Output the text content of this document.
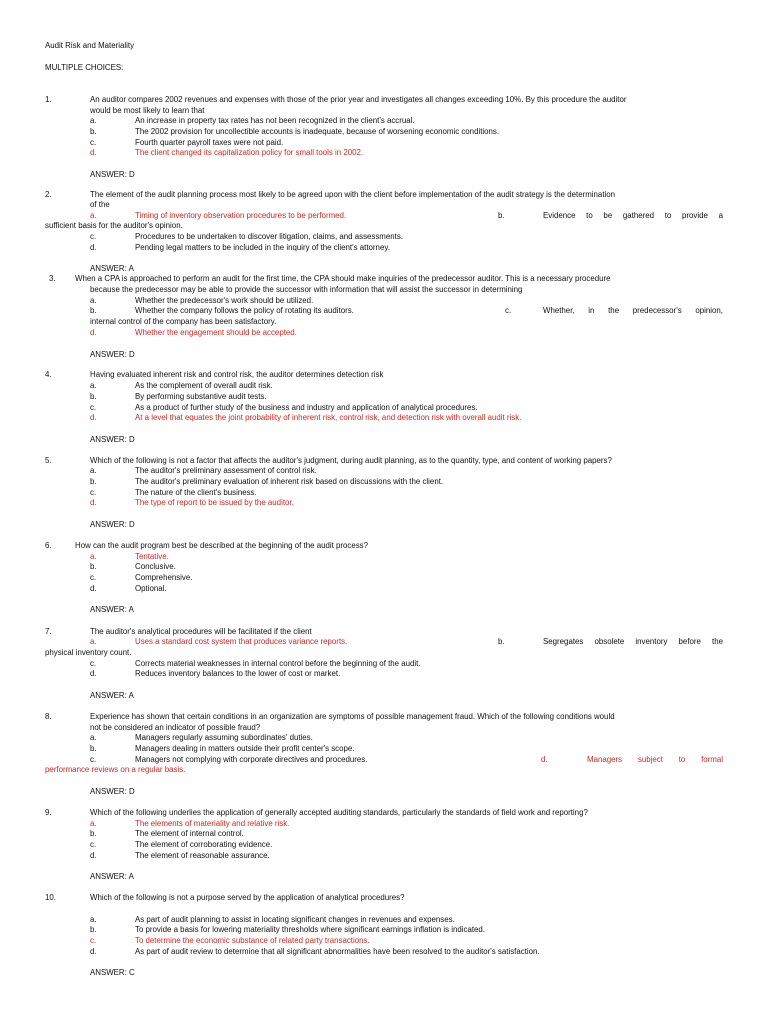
Audit Risk and Materiality
MULTIPLE CHOICES:
1.	An auditor compares 2002 revenues and expenses with those of the prior year and investigates all changes exceeding 10%. By this procedure the auditor
would be most likely to learn that
a.	An increase in property tax rates has not been recognized in the client's accrual.
b.	The 2002 provision for uncollectible accounts is inadequate, because of worsening economic conditions.
c.	Fourth quarter payroll taxes were not paid.
d.	The client changed its capitalization policy for small tools in 2002.
ANSWER: D
2.	The element of the audit planning process most likely to be agreed upon with the client before implementation of the audit strategy is the determination
of the
a.	Timing of inventory observation procedures to be performed.	b.	Evidence to be gathered to provide a
sufficient basis for the auditor's opinion.
c.	Procedures to be undertaken to discover litigation, claims, and assessments.
d.	Pending legal matters to be included in the inquiry of the client's attorney.
ANSWER: A
3. When a CPA is approached to perform an audit for the first time, the CPA should make inquiries of the predecessor auditor. This is a necessary procedure
because the predecessor may be able to provide the successor with information that will assist the successor in determining
a.	Whether the predecessor's work should be utilized.
b.	Whether the company follows the policy of rotating its auditors.	c.	Whether, in the predecessor's opinion,
internal control of the company has been satisfactory.
d.	Whether the engagement should be accepted.
ANSWER: D
4.	Having evaluated inherent risk and control risk, the auditor determines detection risk
a.	As the complement of overall audit risk.
b.	By performing substantive audit tests.
c.	As a product of further study of the business and industry and application of analytical procedures.
d.	At a level that equates the joint probability of inherent risk, control risk, and detection risk with overall audit risk.
ANSWER: D
5.	Which of the following is not a factor that affects the auditor's judgment, during audit planning, as to the quantity, type, and content of working papers?
a.	The auditor's preliminary assessment of control risk.
b.	The auditor's preliminary evaluation of inherent risk based on discussions with the client.
c.	The nature of the client's business.
d.	The type of report to be issued by the auditor.
ANSWER: D
6.	How can the audit program best be described at the beginning of the audit process?
a.	Tentative.
b.	Conclusive.
c.	Comprehensive.
d.	Optional.
ANSWER: A
7.	The auditor's analytical procedures will be facilitated if the client
a.	Uses a standard cost system that produces variance reports.	b.	Segregates obsolete inventory before the
physical inventory count.
c.	Corrects material weaknesses in internal control before the beginning of the audit.
d.	Reduces inventory balances to the lower of cost or market.
ANSWER: A
8.	Experience has shown that certain conditions in an organization are symptoms of possible management fraud. Which of the following conditions would
not be considered an indicator of possible fraud?
a.	Managers regularly assuming subordinates' duties.
b.	Managers dealing in matters outside their profit center's scope.
c.	Managers not complying with corporate directives and procedures.	d.	Managers subject to formal
performance reviews on a regular basis.
ANSWER: D
9.	Which of the following underlies the application of generally accepted auditing standards, particularly the standards of field work and reporting?
a.	The elements of materiality and relative risk.
b.	The element of internal control.
c.	The element of corroborating evidence.
d.	The element of reasonable assurance.
ANSWER: A
10.	Which of the following is not a purpose served by the application of analytical procedures?
a.	As part of audit planning to assist in locating significant changes in revenues and expenses.
b.	To provide a basis for lowering materiality thresholds where significant earnings inflation is indicated.
c.	To determine the economic substance of related party transactions.
d.	As part of audit review to determine that all significant abnormalities have been resolved to the auditor's satisfaction.
ANSWER: C
